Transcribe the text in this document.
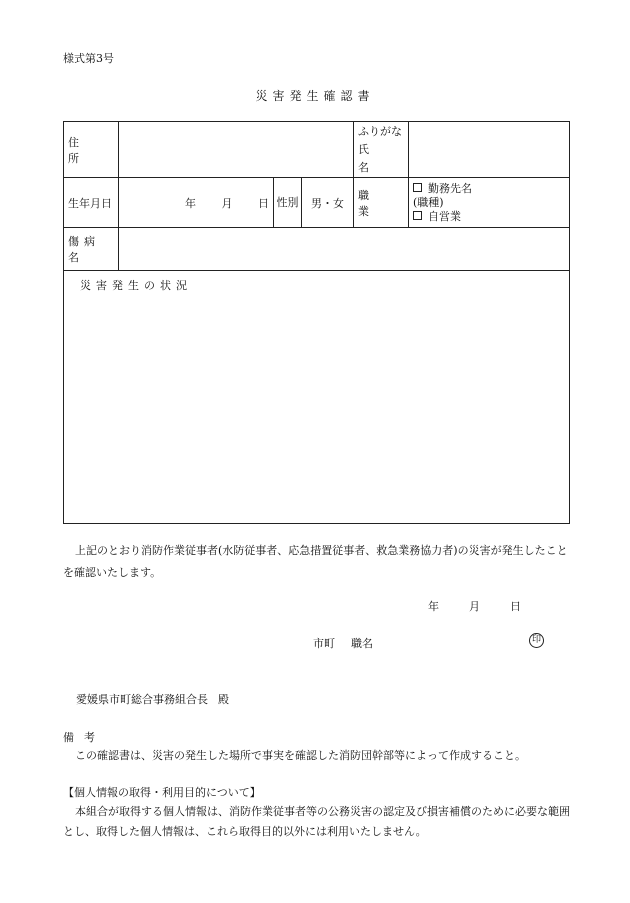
様式第3号
災害発生確認書
住　所				ふりがな
氏　名	

生年月日	年 月 日	性別	男・女	職　業	勤務先名
(職種)
自営業

傷病名					
災害発生の状況					
上記のとおり消防作業従事者(水防従事者、応急措置従事者、救急業務協力者)の災害が発生したことを確認いたします。
年	月	日
市町 職名	印
愛媛県市町総合事務組合長 殿
備考
この確認書は、災害の発生した場所で事実を確認した消防団幹部等によって作成すること。
【個人情報の取得・利用目的について】
本組合が取得する個人情報は、消防作業従事者等の公務災害の認定及び損害補償のために必要な範囲とし、取得した個人情報は、これら取得目的以外には利用いたしません。
